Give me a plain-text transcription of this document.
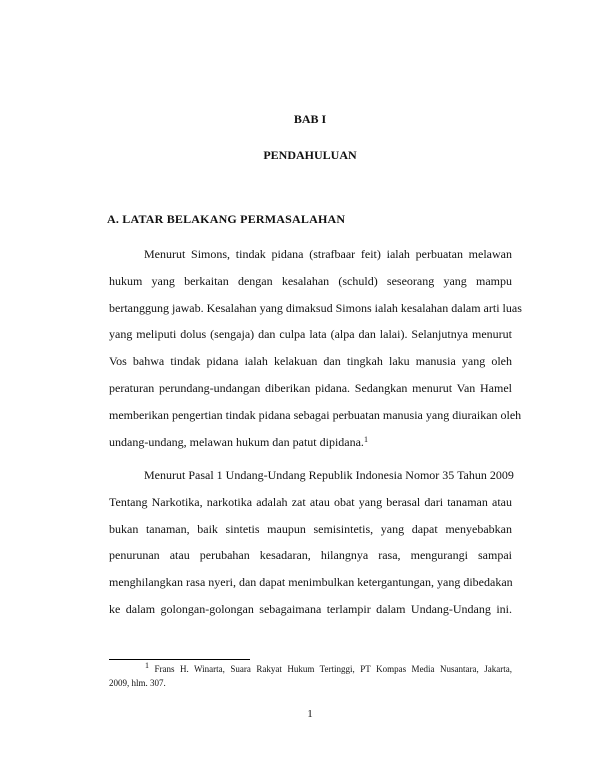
BAB I
PENDAHULUAN
A. LATAR BELAKANG PERMASALAHAN
Menurut Simons, tindak pidana (strafbaar feit) ialah perbuatan melawan
hukum yang berkaitan dengan kesalahan (schuld) seseorang yang mampu
bertanggung jawab. Kesalahan yang dimaksud Simons ialah kesalahan dalam arti luas
yang meliputi dolus (sengaja) dan culpa lata (alpa dan lalai). Selanjutnya menurut
Vos bahwa tindak pidana ialah kelakuan dan tingkah laku manusia yang oleh
peraturan perundang-undangan diberikan pidana. Sedangkan menurut Van Hamel
memberikan pengertian tindak pidana sebagai perbuatan manusia yang diuraikan oleh
undang-undang, melawan hukum dan patut dipidana.$^1$
Menurut Pasal 1 Undang-Undang Republik Indonesia Nomor 35 Tahun 2009
Tentang Narkotika, narkotika adalah zat atau obat yang berasal dari tanaman atau
bukan tanaman, baik sintetis maupun semisintetis, yang dapat menyebabkan
penurunan atau perubahan kesadaran, hilangnya rasa, mengurangi sampai
menghilangkan rasa nyeri, dan dapat menimbulkan ketergantungan, yang dibedakan
ke dalam golongan-golongan sebagaimana terlampir dalam Undang-Undang ini.
$^1$ Frans H. Winarta, Suara Rakyat Hukum Tertinggi, PT Kompas Media Nusantara, Jakarta,
2009, hlm. 307.
1
